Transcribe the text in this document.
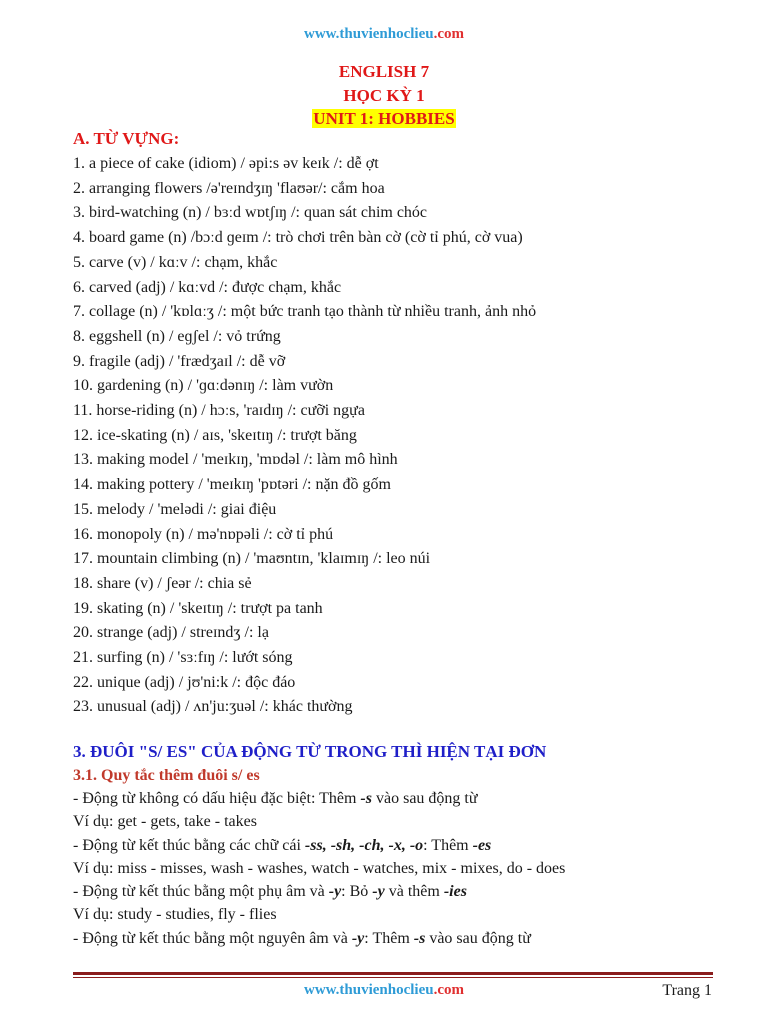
www.thuvienhoclieu.com
ENGLISH 7
HỌC KỲ 1
UNIT 1: HOBBIES
A. TỪ VỰNG:
1. a piece of cake (idiom) / əpi:s əv keɪk /: dễ ợt
2. arranging flowers /ə'reɪndʒɪŋ 'flaʊər/: cắm hoa
3. bird-watching (n) / bɜːd wɒtʃɪŋ /: quan sát chim chóc
4. board game (n) /bɔːd ɡeɪm /: trò chơi trên bàn cờ (cờ tỉ phú, cờ vua)
5. carve (v) / kɑːv /: chạm, khắc
6. carved (adj) / kɑːvd /: được chạm, khắc
7. collage (n) / 'kɒlɑːʒ /: một bức tranh tạo thành từ nhiều tranh, ảnh nhỏ
8. eggshell (n) / eɡʃel /: vỏ trứng
9. fragile (adj) / 'frædʒaɪl /: dễ vỡ
10. gardening (n) / 'ɡɑːdənɪŋ /: làm vườn
11. horse-riding (n) / hɔːs, 'raɪdɪŋ /: cưỡi ngựa
12. ice-skating (n) / aɪs, 'skeɪtɪŋ /: trượt băng
13. making model / 'meɪkɪŋ, 'mɒdəl /: làm mô hình
14. making pottery / 'meɪkɪŋ 'pɒtəri /: nặn đồ gốm
15. melody / 'melədi /: giai điệu
16. monopoly (n) / mə'nɒpəli /: cờ tỉ phú
17. mountain climbing (n) / 'maʊntɪn, 'klaɪmɪŋ /: leo núi
18. share (v) / ʃeər /: chia sẻ
19. skating (n) / 'skeɪtɪŋ /: trượt pa tanh
20. strange (adj) / streɪndʒ /: lạ
21. surfing (n) / 'sɜːfɪŋ /: lướt sóng
22. unique (adj) / jʊ'ni:k /: độc đáo
23. unusual (adj) / ʌn'ju:ʒuəl /: khác thường
3. ĐUÔI "S/ ES" CỦA ĐỘNG TỪ TRONG THÌ HIỆN TẠI ĐƠN
3.1. Quy tắc thêm đuôi s/ es
- Động từ không có dấu hiệu đặc biệt: Thêm -s vào sau động từ
Ví dụ: get - gets, take - takes
- Động từ kết thúc bằng các chữ cái -ss, -sh, -ch, -x, -o: Thêm -es
Ví dụ: miss - misses, wash - washes, watch - watches, mix - mixes, do - does
- Động từ kết thúc bằng một phụ âm và -y: Bỏ -y và thêm -ies
Ví dụ: study - studies, fly - flies
- Động từ kết thúc bằng một nguyên âm và -y: Thêm -s vào sau động từ
www.thuvienhoclieu.com	Trang 1
